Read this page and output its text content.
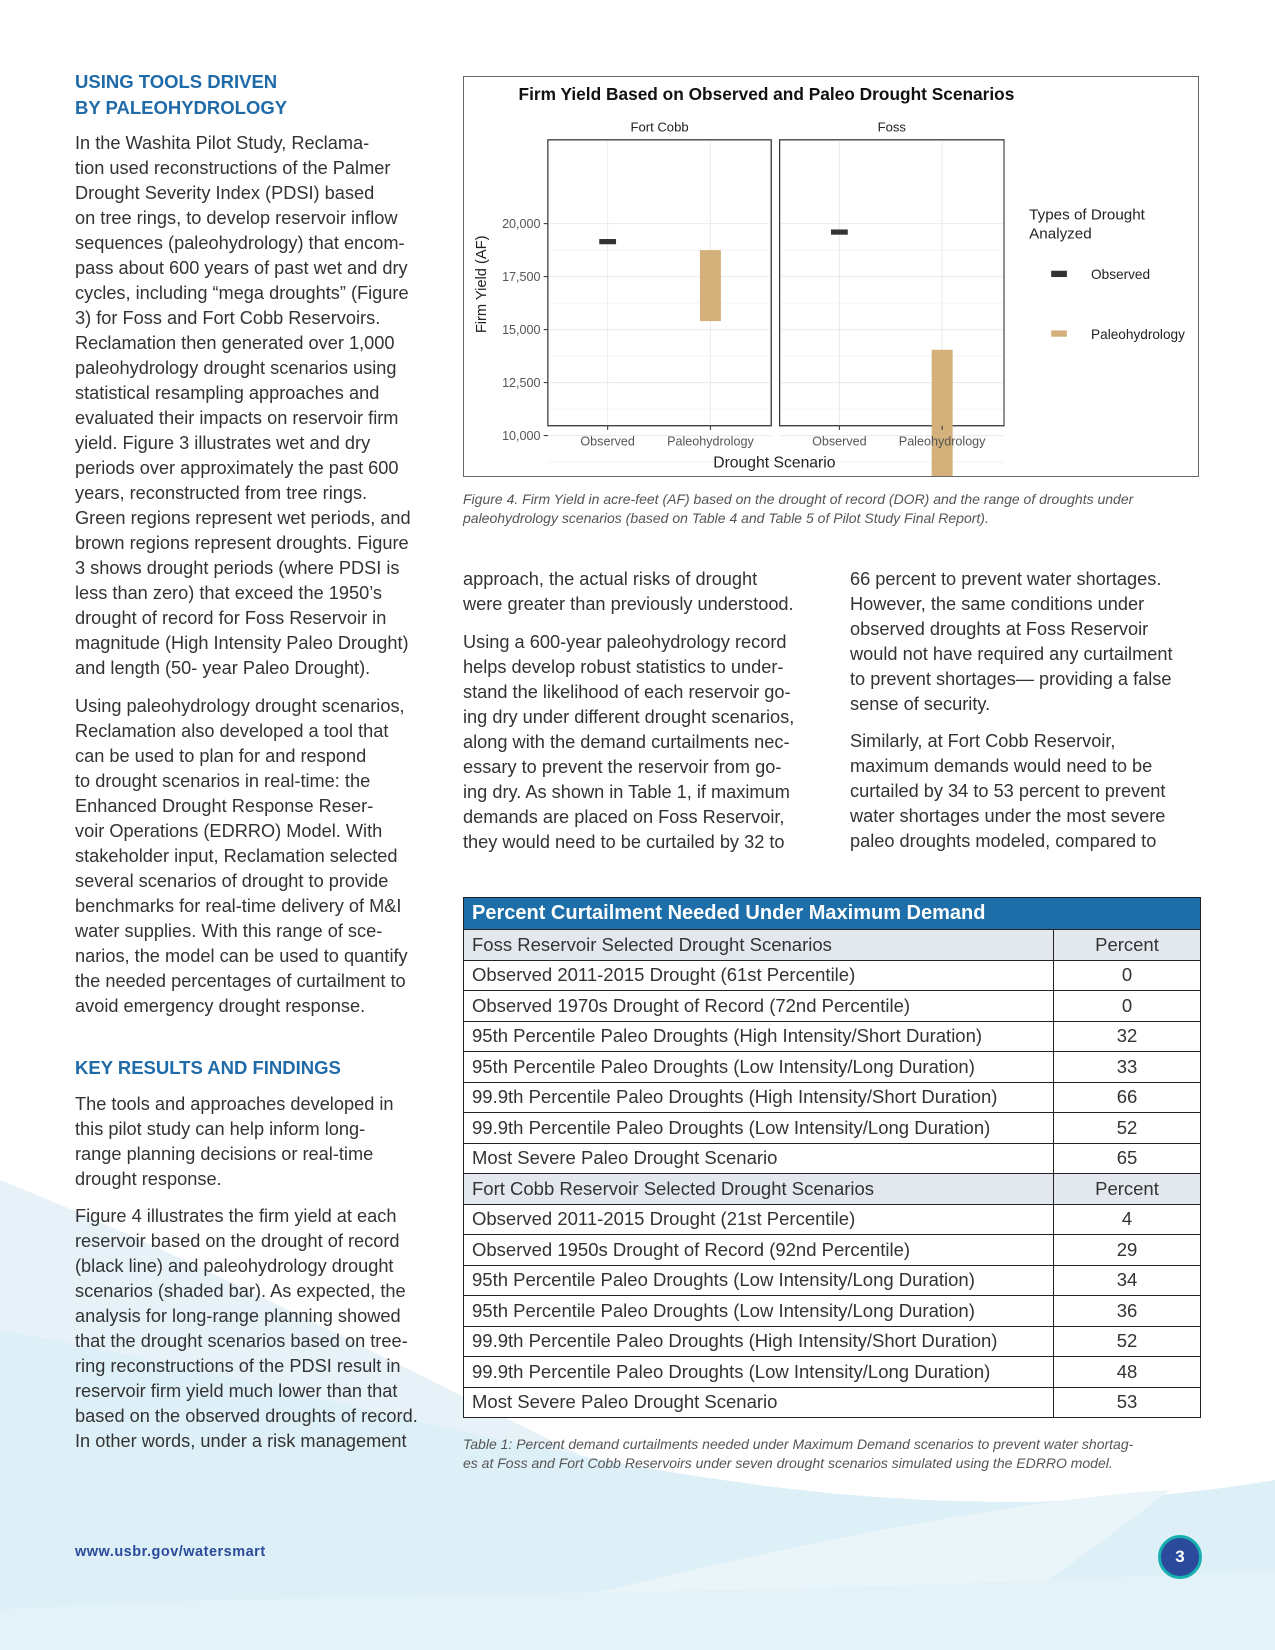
USING TOOLS DRIVEN
BY PALEOHYDROLOGY
In the Washita Pilot Study, Reclama-
tion used reconstructions of the Palmer
Drought Severity Index (PDSI) based
on tree rings, to develop reservoir inflow
sequences (paleohydrology) that encom-
pass about 600 years of past wet and dry
cycles, including “mega droughts” (Figure
3) for Foss and Fort Cobb Reservoirs.
Reclamation then generated over 1,000
paleohydrology drought scenarios using
statistical resampling approaches and
evaluated their impacts on reservoir firm
yield. Figure 3 illustrates wet and dry
periods over approximately the past 600
years, reconstructed from tree rings.
Green regions represent wet periods, and
brown regions represent droughts. Figure
3 shows drought periods (where PDSI is
less than zero) that exceed the 1950’s
drought of record for Foss Reservoir in
magnitude (High Intensity Paleo Drought)
and length (50- year Paleo Drought).
Using paleohydrology drought scenarios,
Reclamation also developed a tool that
can be used to plan for and respond
to drought scenarios in real-time: the
Enhanced Drought Response Reser-
voir Operations (EDRRO) Model. With
stakeholder input, Reclamation selected
several scenarios of drought to provide
benchmarks for real-time delivery of M&I
water supplies. With this range of sce-
narios, the model can be used to quantify
the needed percentages of curtailment to
avoid emergency drought response.
KEY RESULTS AND FINDINGS
The tools and approaches developed in
this pilot study can help inform long-
range planning decisions or real-time
drought response.
Figure 4 illustrates the firm yield at each
reservoir based on the drought of record
(black line) and paleohydrology drought
scenarios (shaded bar). As expected, the
analysis for long-range planning showed
that the drought scenarios based on tree-
ring reconstructions of the PDSI result in
reservoir firm yield much lower than that
based on the observed droughts of record.
In other words, under a risk management
Firm Yield Based on Observed and Paleo Drought Scenarios
Fort Cobb
Observed	Paleohydrology
Foss
Observed	Paleohydrology
20,000
17,500
15,000
12,500
10,000
Firm Yield (AF)
Drought Scenario
Types of Drought
Analyzed
Observed
Paleohydrology
Figure 4. Firm Yield in acre-feet (AF) based on the drought of record (DOR) and the range of droughts under
paleohydrology scenarios (based on Table 4 and Table 5 of Pilot Study Final Report).
approach, the actual risks of drought
were greater than previously understood.
Using a 600-year paleohydrology record
helps develop robust statistics to under-
stand the likelihood of each reservoir go-
ing dry under different drought scenarios,
along with the demand curtailments nec-
essary to prevent the reservoir from go-
ing dry. As shown in Table 1, if maximum
demands are placed on Foss Reservoir,
they would need to be curtailed by 32 to
66 percent to prevent water shortages.
However, the same conditions under
observed droughts at Foss Reservoir
would not have required any curtailment
to prevent shortages— providing a false
sense of security.
Similarly, at Fort Cobb Reservoir,
maximum demands would need to be
curtailed by 34 to 53 percent to prevent
water shortages under the most severe
paleo droughts modeled, compared to
Percent Curtailment Needed Under Maximum Demand	
Foss Reservoir Selected Drought Scenarios	Percent
Observed 2011-2015 Drought (61st Percentile)	0
Observed 1970s Drought of Record (72nd Percentile)	0
95th Percentile Paleo Droughts (High Intensity/Short Duration)	32
95th Percentile Paleo Droughts (Low Intensity/Long Duration)	33
99.9th Percentile Paleo Droughts (High Intensity/Short Duration)	66
99.9th Percentile Paleo Droughts (Low Intensity/Long Duration)	52
Most Severe Paleo Drought Scenario	65
Fort Cobb Reservoir Selected Drought Scenarios	Percent
Observed 2011-2015 Drought (21st Percentile)	4
Observed 1950s Drought of Record (92nd Percentile)	29
95th Percentile Paleo Droughts (Low Intensity/Long Duration)	34
95th Percentile Paleo Droughts (Low Intensity/Long Duration)	36
99.9th Percentile Paleo Droughts (High Intensity/Short Duration)	52
99.9th Percentile Paleo Droughts (Low Intensity/Long Duration)	48
Most Severe Paleo Drought Scenario	53
Table 1: Percent demand curtailments needed under Maximum Demand scenarios to prevent water shortag-
es at Foss and Fort Cobb Reservoirs under seven drought scenarios simulated using the EDRRO model.
www.usbr.gov/watersmart	3
